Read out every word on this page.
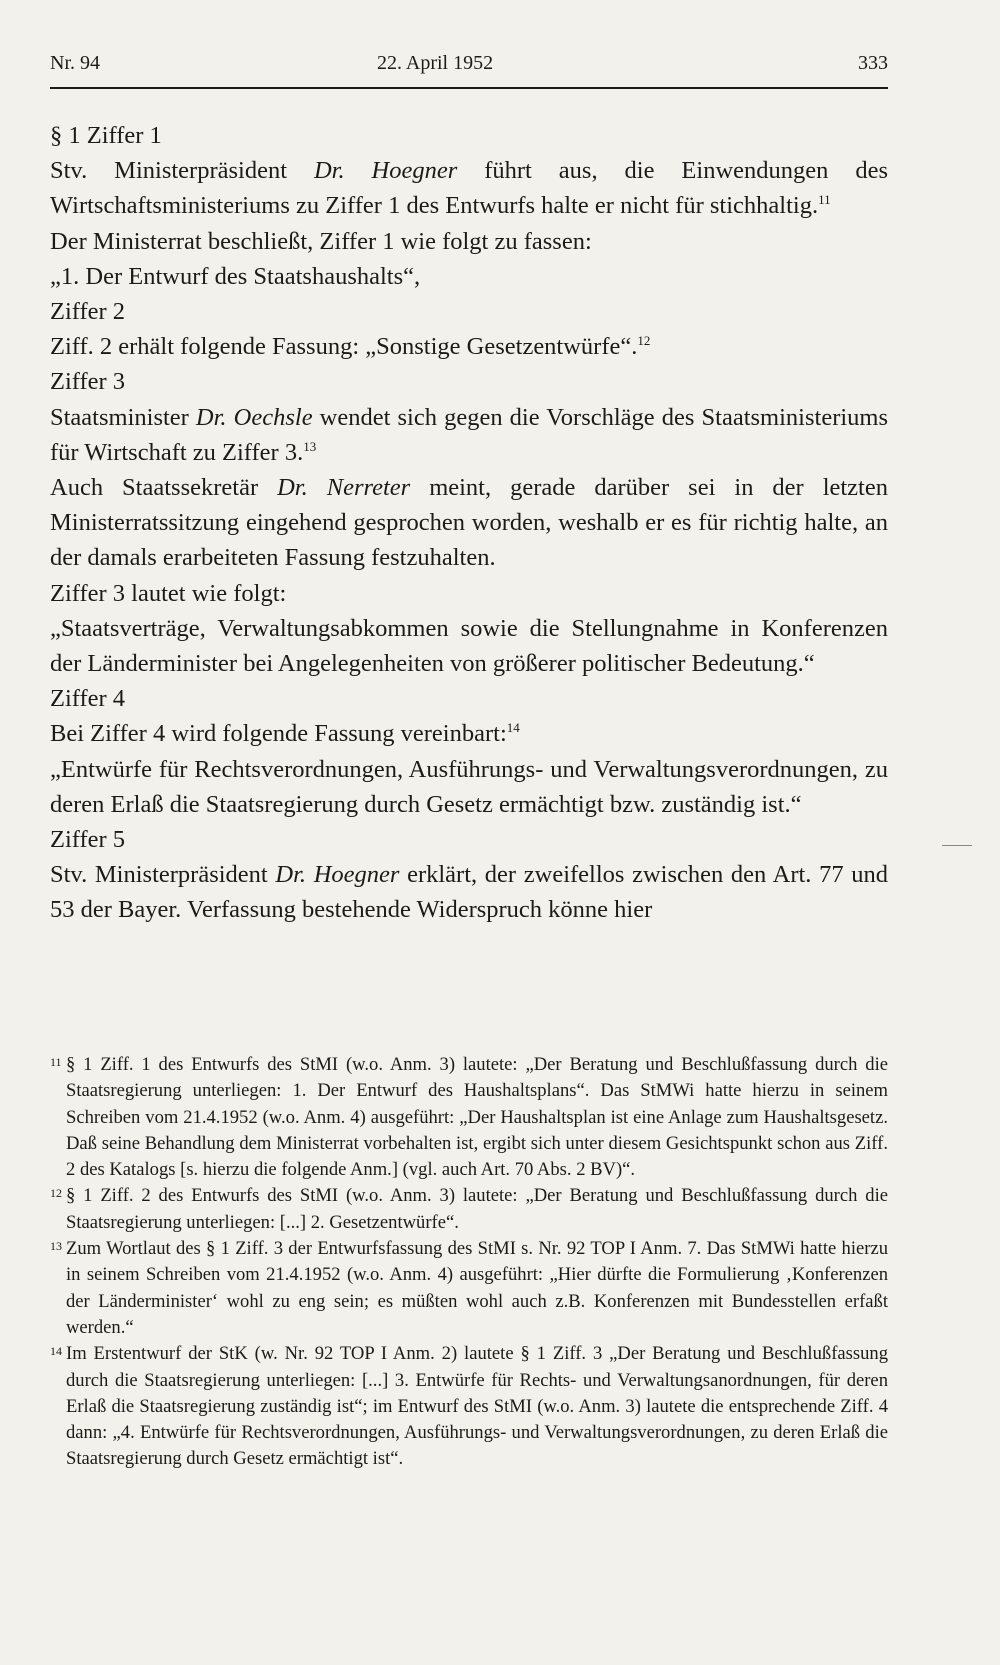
Nr. 94	22. April 1952	333

§ 1 Ziffer 1

Stv. Ministerpräsident Dr. Hoegner führt aus, die Einwendungen des Wirtschaftsministeriums zu Ziffer 1 des Entwurfs halte er nicht für stichhaltig.$^{11}$

Der Ministerrat beschließt, Ziffer 1 wie folgt zu fassen:

„1. Der Entwurf des Staatshaushalts“,

Ziffer 2

Ziff. 2 erhält folgende Fassung: „Sonstige Gesetzentwürfe“.$^{12}$

Ziffer 3

Staatsminister Dr. Oechsle wendet sich gegen die Vorschläge des Staatsministeriums für Wirtschaft zu Ziffer 3.13

Auch Staatssekretär Dr. Nerreter meint, gerade darüber sei in der letzten Ministerratssitzung eingehend gesprochen worden, weshalb er es für richtig halte, an der damals erarbeiteten Fassung festzuhalten.

Ziffer 3 lautet wie folgt:

„Staatsverträge, Verwaltungsabkommen sowie die Stellungnahme in Konferenzen der Länderminister bei Angelegenheiten von größerer politischer Bedeutung.“

Ziffer 4

Bei Ziffer 4 wird folgende Fassung vereinbart:$^{14}$

„Entwürfe für Rechtsverordnungen, Ausführungs- und Verwaltungsverordnungen, zu deren Erlaß die Staatsregierung durch Gesetz ermächtigt bzw. zuständig ist.“

Ziffer 5

Stv. Ministerpräsident Dr. Hoegner erklärt, der zweifellos zwischen den Art. 77 und 53 der Bayer. Verfassung bestehende Widerspruch könne hier

11 § 1 Ziff. 1 des Entwurfs des StMI (w.o. Anm. 3) lautete: „Der Beratung und Beschlußfassung durch die Staatsregierung unterliegen: 1. Der Entwurf des Haushaltsplans“. Das StMWi hatte hierzu in seinem Schreiben vom 21.4.1952 (w.o. Anm. 4) ausgeführt: „Der Haushaltsplan ist eine Anlage zum Haushaltsgesetz. Daß seine Behandlung dem Ministerrat vorbehalten ist, ergibt sich unter diesem Gesichtspunkt schon aus Ziff. 2 des Katalogs [s. hierzu die folgende Anm.] (vgl. auch Art. 70 Abs. 2 BV)“.
12 § 1 Ziff. 2 des Entwurfs des StMI (w.o. Anm. 3) lautete: „Der Beratung und Beschlußfassung durch die Staatsregierung unterliegen: [...] 2. Gesetzentwürfe“.
13 Zum Wortlaut des § 1 Ziff. 3 der Entwurfsfassung des StMI s. Nr. 92 TOP I Anm. 7. Das StMWi hatte hierzu in seinem Schreiben vom 21.4.1952 (w.o. Anm. 4) ausgeführt: „Hier dürfte die Formulierung ‚Konferenzen der Länderminister‘ wohl zu eng sein; es müßten wohl auch z.B. Konferenzen mit Bundesstellen erfaßt werden.“
14 Im Erstentwurf der StK (w. Nr. 92 TOP I Anm. 2) lautete § 1 Ziff. 3 „Der Beratung und Beschlußfassung durch die Staatsregierung unterliegen: [...] 3. Entwürfe für Rechts- und Verwaltungsanordnungen, für deren Erlaß die Staatsregierung zuständig ist“; im Entwurf des StMI (w.o. Anm. 3) lautete die entsprechende Ziff. 4 dann: „4. Entwürfe für Rechtsverordnungen, Ausführungs- und Verwaltungsverordnungen, zu deren Erlaß die Staatsregierung durch Gesetz ermächtigt ist“.
